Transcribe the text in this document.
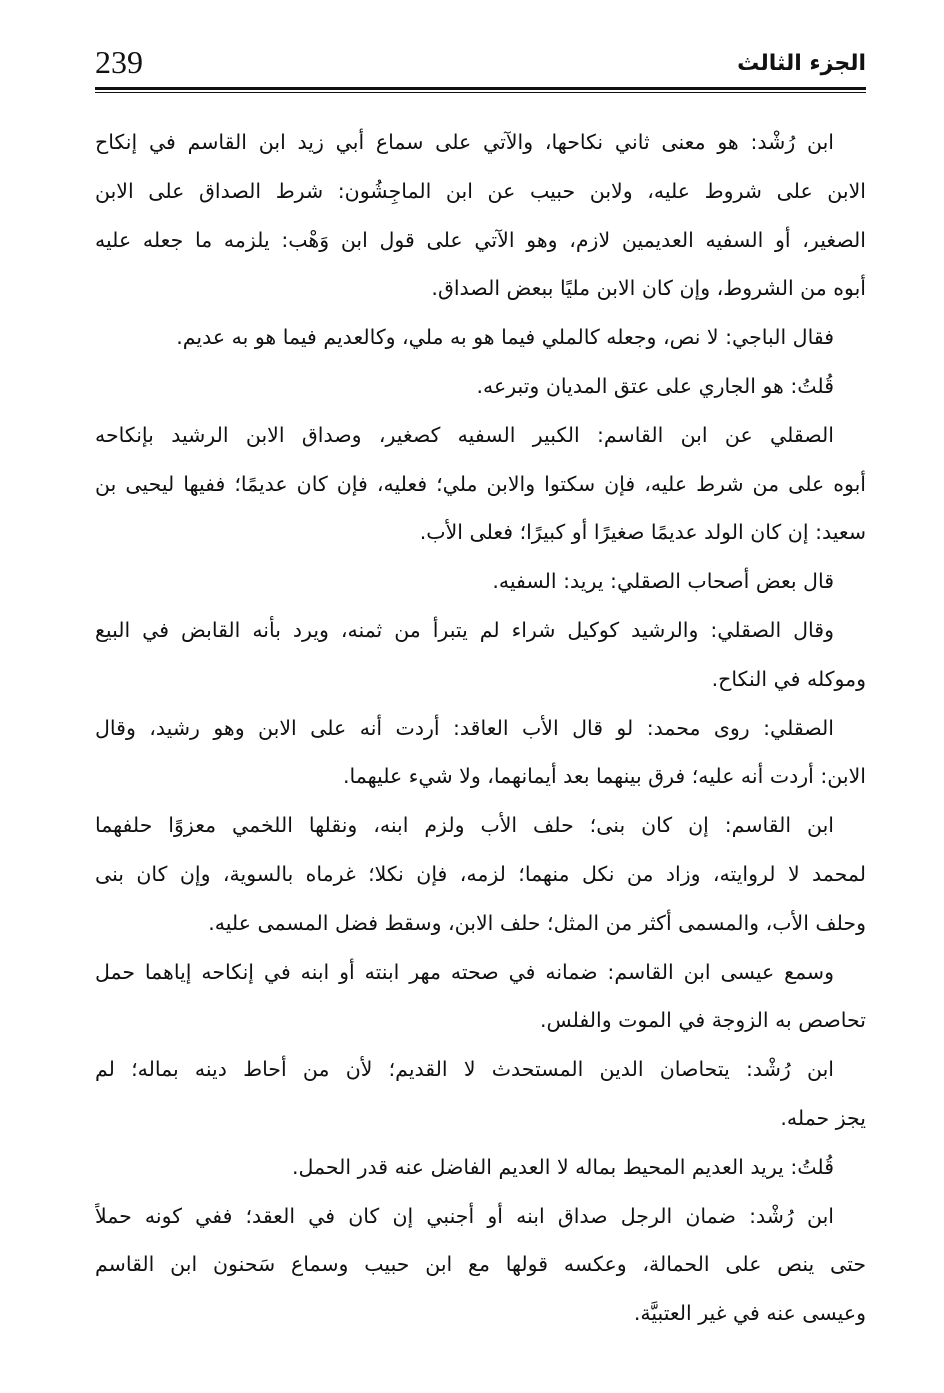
239	الجزء الثالث
ابن رُشْد: هو معنى ثاني نكاحها، والآتي على سماع أبي زيد ابن القاسم في إنكاح
الابن على شروط عليه، ولابن حبيب عن ابن الماجِشُون: شرط الصداق على الابن
الصغير، أو السفيه العديمين لازم، وهو الآتي على قول ابن وَهْب: يلزمه ما جعله عليه
أبوه من الشروط، وإن كان الابن مليًا ببعض الصداق.
فقال الباجي: لا نص، وجعله كالملي فيما هو به ملي، وكالعديم فيما هو به عديم.
قُلتُ: هو الجاري على عتق المديان وتبرعه.
الصقلي عن ابن القاسم: الكبير السفيه كصغير، وصداق الابن الرشيد بإنكاحه
أبوه على من شرط عليه، فإن سكتوا والابن ملي؛ فعليه، فإن كان عديمًا؛ ففيها ليحيى بن
سعيد: إن كان الولد عديمًا صغيرًا أو كبيرًا؛ فعلى الأب.
قال بعض أصحاب الصقلي: يريد: السفيه.
وقال الصقلي: والرشيد كوكيل شراء لم يتبرأ من ثمنه، ويرد بأنه القابض في البيع
وموكله في النكاح.
الصقلي: روى محمد: لو قال الأب العاقد: أردت أنه على الابن وهو رشيد، وقال
الابن: أردت أنه عليه؛ فرق بينهما بعد أيمانهما، ولا شيء عليهما.
ابن القاسم: إن كان بنى؛ حلف الأب ولزم ابنه، ونقلها اللخمي معزوًا حلفهما
لمحمد لا لروايته، وزاد من نكل منهما؛ لزمه، فإن نكلا؛ غرماه بالسوية، وإن كان بنى
وحلف الأب، والمسمى أكثر من المثل؛ حلف الابن، وسقط فضل المسمى عليه.
وسمع عيسى ابن القاسم: ضمانه في صحته مهر ابنته أو ابنه في إنكاحه إياهما حمل
تحاصص به الزوجة في الموت والفلس.
ابن رُشْد: يتحاصان الدين المستحدث لا القديم؛ لأن من أحاط دينه بماله؛ لم
يجز حمله.
قُلتُ: يريد العديم المحيط بماله لا العديم الفاضل عنه قدر الحمل.
ابن رُشْد: ضمان الرجل صداق ابنه أو أجنبي إن كان في العقد؛ ففي كونه حملاً
حتى ينص على الحمالة، وعكسه قولها مع ابن حبيب وسماع سَحنون ابن القاسم
وعيسى عنه في غير العتبيَّة.
